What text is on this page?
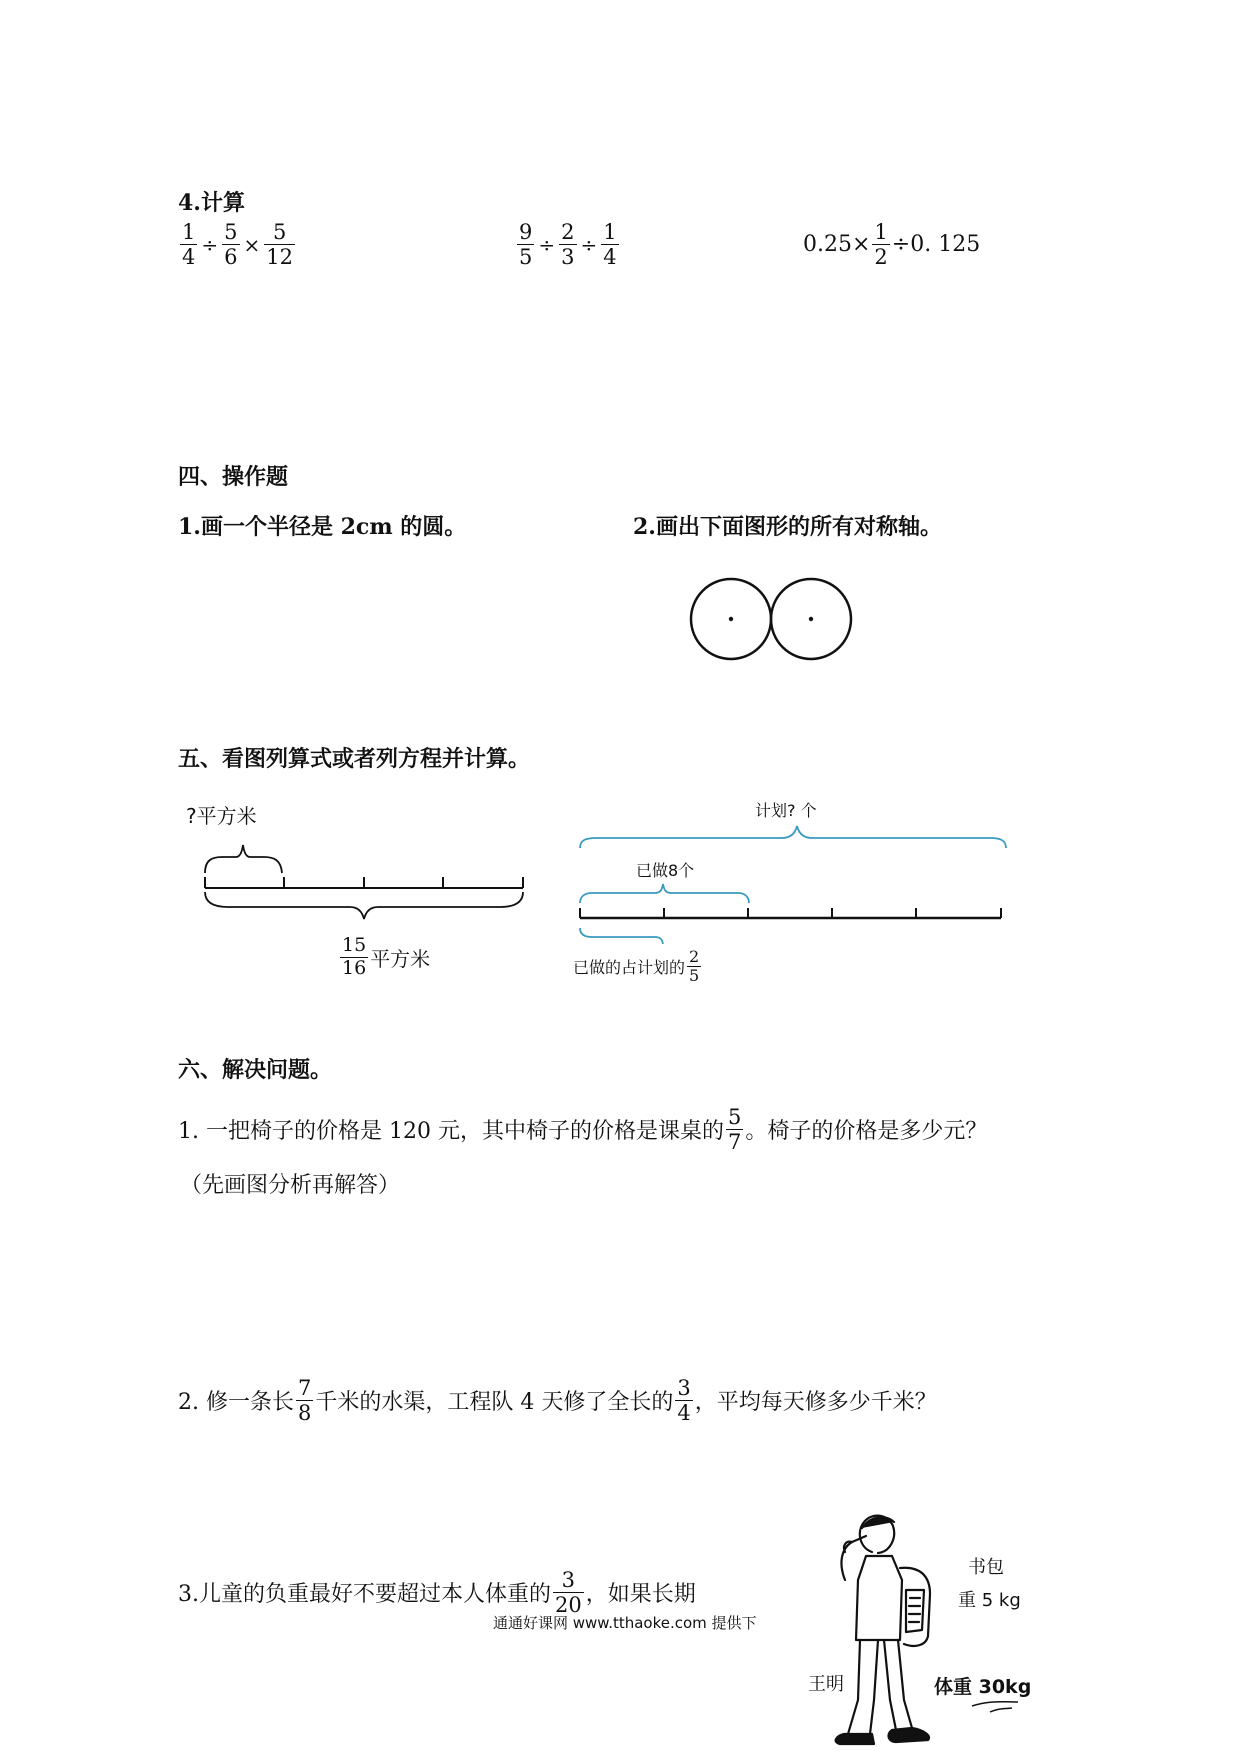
4.计算
$\frac{1}{4} \div \frac{5}{6} \times \frac{5}{12}$	$\frac{9}{5} \div \frac{2}{3} \div \frac{1}{4}$	$0.25\times \frac{1}{2} \div 0$. 125
四、操作题
1.画一个半径是 2cm 的圆。	2.画出下面图形的所有对称轴。
五、看图列算式或者列方程并计算。
?平方米
$\frac{15}{16}$ 平方米
计划? 个
已做8个
已做的占计划的 $\frac{2}{5}$
六、解决问题。
1. 一把椅子的价格是 120 元，其中椅子的价格是课桌的 $\frac{5}{7}$ 。椅子的价格是多少元？
（先画图分析再解答）
2. 修一条长 $\frac{7}{8}$ 千米的水渠，工程队 4 天修了全长的 $\frac{3}{4}$ ，平均每天修多少千米？
3.儿童的负重最好不要超过本人体重的 $\frac{3}{20}$ ，如果长期
书包
重 5 kg
王明	体重 30kg
通通好课网 www.tthaoke.com 提供下
